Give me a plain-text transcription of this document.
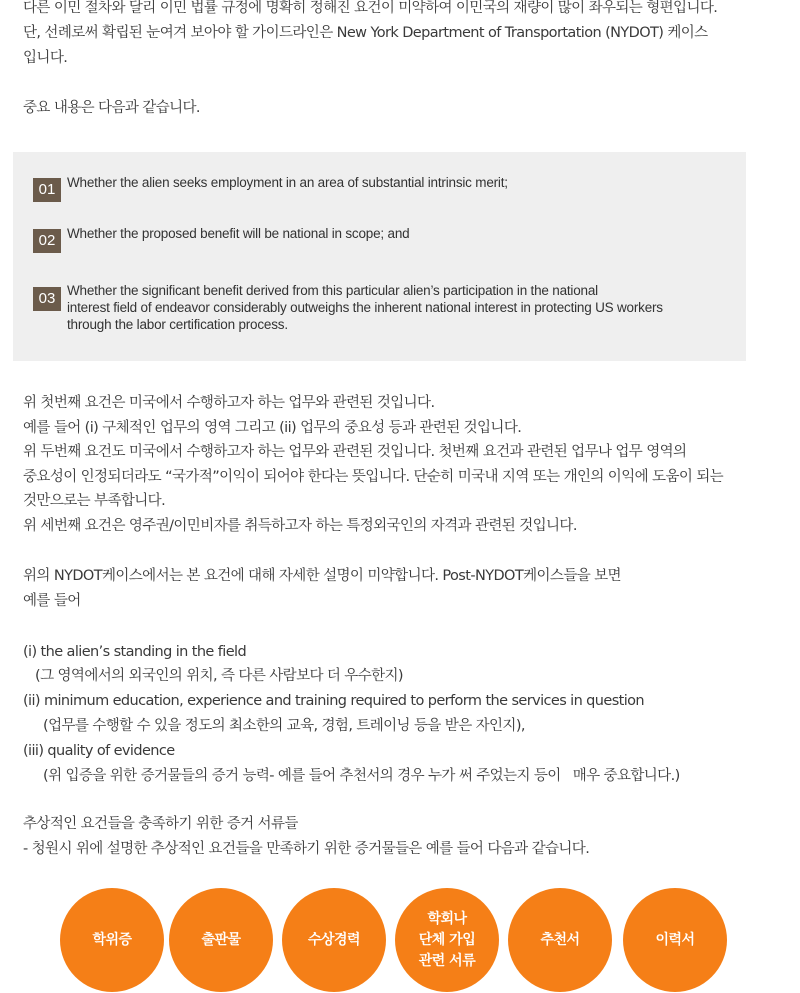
다른 이민 절차와 달리 이민 법률 규정에 명확히 정해진 요건이 미약하여 이민국의 재량이 많이 좌우되는 형편입니다.

단, 선례로써 확립된 눈여겨 보아야 할 가이드라인은 New York Department of Transportation (NYDOT) 케이스

입니다.

중요 내용은 다음과 같습니다.

01 Whether the alien seeks employment in an area of substantial intrinsic merit;
02 Whether the proposed benefit will be national in scope; and
03 Whether the significant benefit derived from this particular alien’s participation in the national
interest field of endeavor considerably outweighs the inherent national interest in protecting US workers
through the labor certification process.

위 첫번째 요건은 미국에서 수행하고자 하는 업무와 관련된 것입니다.

예를 들어 (i) 구체적인 업무의 영역 그리고 (ii) 업무의 중요성 등과 관련된 것입니다.

위 두번째 요건도 미국에서 수행하고자 하는 업무와 관련된 것입니다. 첫번째 요건과 관련된 업무나 업무 영역의

중요성이 인정되더라도 “국가적”이익이 되어야 한다는 뜻입니다. 단순히 미국내 지역 또는 개인의 이익에 도움이 되는

것만으로는 부족합니다.

위 세번째 요건은 영주권/이민비자를 취득하고자 하는 특정외국인의 자격과 관련된 것입니다.

위의 NYDOT케이스에서는 본 요건에 대해 자세한 설명이 미약합니다. Post-NYDOT케이스들을 보면

예를 들어

(i) the alien’s standing in the field

(그 영역에서의 외국인의 위치, 즉 다른 사람보다 더 우수한지)

(ii) minimum education, experience and training required to perform the services in question

(업무를 수행할 수 있을 정도의 최소한의 교육, 경험, 트레이닝 등을 받은 자인지),

(iii) quality of evidence

(위 입증을 위한 증거물들의 증거 능력- 예를 들어 추천서의 경우 누가 써 주었는지 등이   매우 중요합니다.)

추상적인 요건들을 충족하기 위한 증거 서류들

- 청원시 위에 설명한 추상적인 요건들을 만족하기 위한 증거물들은 예를 들어 다음과 같습니다.

학위증	출판물	수상경력
학회나
단체 가입
관련 서류
추천서	이력서
